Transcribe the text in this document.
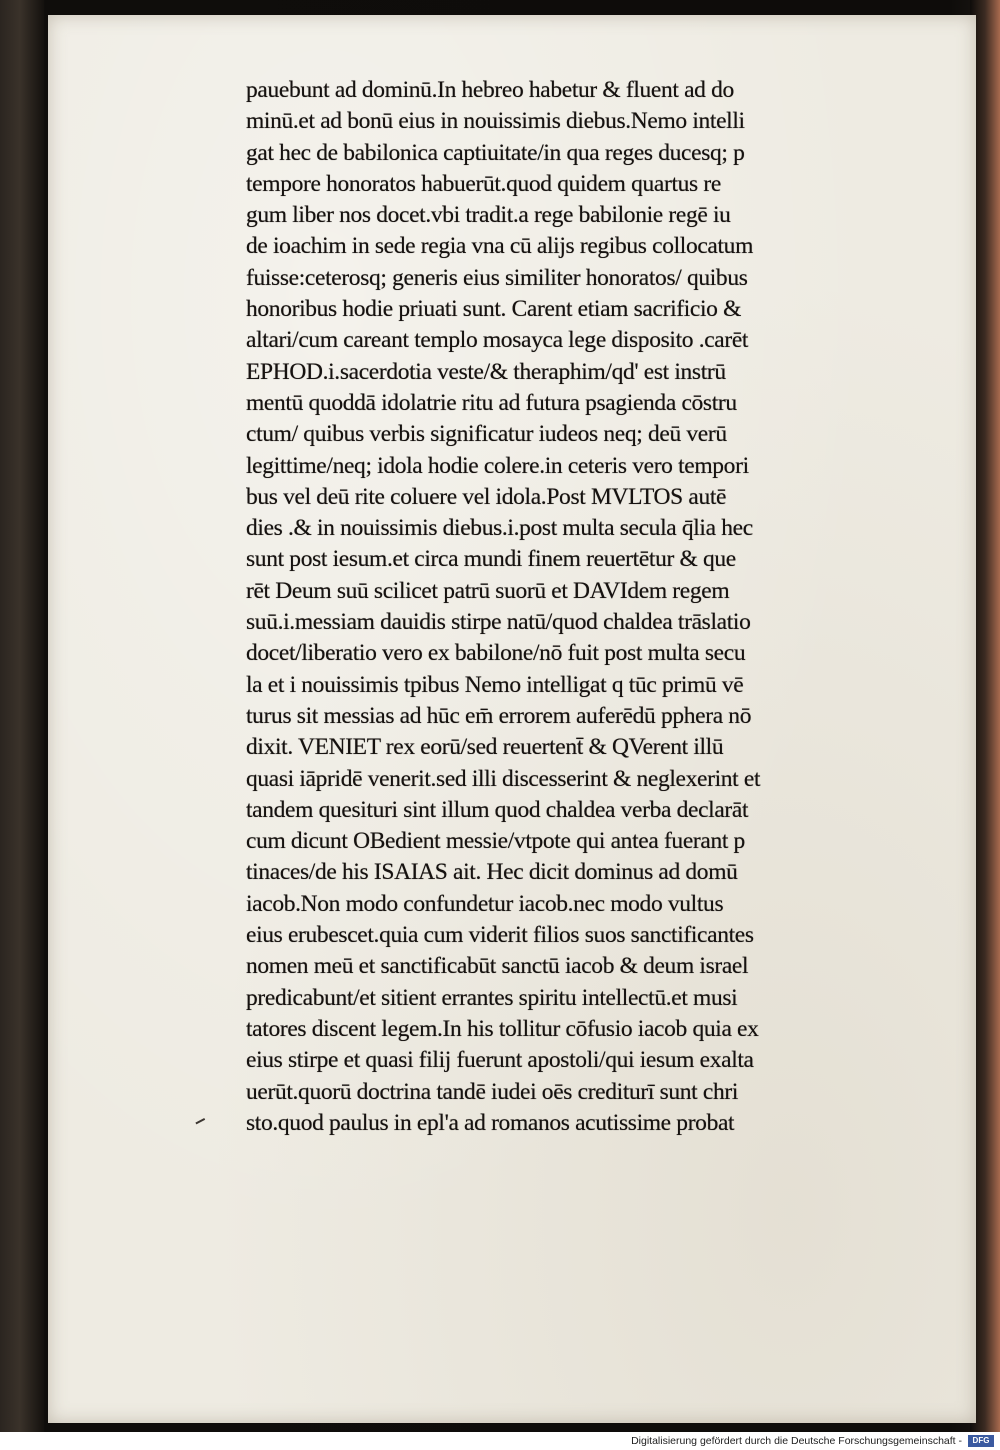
pauebunt ad dominū.In hebreo habetur & fluent ad do
minū.et ad bonū eius in nouissimis diebus.Nemo intelli
gat hec de babilonica captiuitate/in qua reges ducesq; p
tempore honoratos habuerūt.quod quidem quartus re
gum liber nos docet.vbi tradit.a rege babilonie regē iu
de ioachim in sede regia vna cū alijs regibus collocatum
fuisse:ceterosq; generis eius similiter honoratos/ quibus
honoribus hodie priuati sunt. Carent etiam sacrificio &
altari/cum careant templo mosayca lege disposito .carēt
EPHOD.i.sacerdotia veste/& theraphim/qd' est instrū
mentū quoddā idolatrie ritu ad futura psagienda cōstru
ctum/ quibus verbis significatur iudeos neq; deū verū
legittime/neq; idola hodie colere.in ceteris vero tempori
bus vel deū rite coluere vel idola.Post MVLTOS autē
dies .& in nouissimis diebus.i.post multa secula q̄lia hec
sunt post iesum.et circa mundi finem reuertētur & que
rēt Deum suū scilicet patrū suorū et DAVIdem regem
suū.i.messiam dauidis stirpe natū/quod chaldea trāslatio
docet/liberatio vero ex babilone/nō fuit post multa secu
la et i nouissimis tpibus Nemo intelligat q tūc primū vē
turus sit messias ad hūc em̄ errorem auferēdū pphera nō
dixit. VENIET rex eorū/sed reuertent̄ & QVerent illū
quasi iāpridē venerit.sed illi discesserint & neglexerint et
tandem quesituri sint illum quod chaldea verba declarāt
cum dicunt OBedient messie/vtpote qui antea fuerant p
tinaces/de his ISAIAS ait. Hec dicit dominus ad domū
iacob.Non modo confundetur iacob.nec modo vultus
eius erubescet.quia cum viderit filios suos sanctificantes
nomen meū et sanctificabūt sanctū iacob & deum israel
predicabunt/et sitient errantes spiritu intellectū.et musi
tatores discent legem.In his tollitur cōfusio iacob quia ex
eius stirpe et quasi filij fuerunt apostoli/qui iesum exalta
uerūt.quorū doctrina tandē iudei oēs crediturī sunt chri
sto.quod paulus in epl'a ad romanos acutissime probat
Digitalisierung gefördert durch die Deutsche Forschungsgemeinschaft -	DFG
